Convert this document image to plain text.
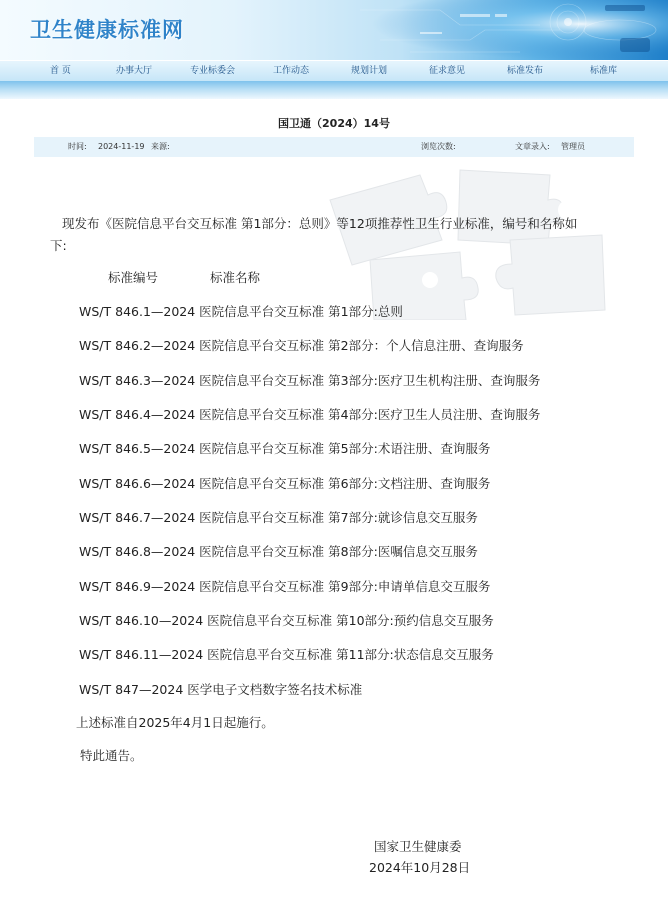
卫生健康标准网
首 页	办事大厅	专业标委会	工作动态	规划计划	征求意见	标准发布	标准库
国卫通（2024）14号
时间: 2024-11-19 来源:	浏览次数:	文章录入: 管理员

现发布《医院信息平台交互标准 第1部分：总则》等12项推荐性卫生行业标准，编号和名称如

下:

标准编号	标准名称
WS/T 846.1—2024 医院信息平台交互标准 第1部分:总则
WS/T 846.2—2024 医院信息平台交互标准 第2部分：个人信息注册、查询服务
WS/T 846.3—2024 医院信息平台交互标准 第3部分:医疗卫生机构注册、查询服务
WS/T 846.4—2024 医院信息平台交互标准 第4部分:医疗卫生人员注册、查询服务
WS/T 846.5—2024 医院信息平台交互标准 第5部分:术语注册、查询服务
WS/T 846.6—2024 医院信息平台交互标准 第6部分:文档注册、查询服务
WS/T 846.7—2024 医院信息平台交互标准 第7部分:就诊信息交互服务
WS/T 846.8—2024 医院信息平台交互标准 第8部分:医嘱信息交互服务
WS/T 846.9—2024 医院信息平台交互标准 第9部分:申请单信息交互服务
WS/T 846.10—2024 医院信息平台交互标准 第10部分:预约信息交互服务
WS/T 846.11—2024 医院信息平台交互标准 第11部分:状态信息交互服务
WS/T 847—2024 医学电子文档数字签名技术标准

上述标准自2025年4月1日起施行。

特此通告。

国家卫生健康委
2024年10月28日
